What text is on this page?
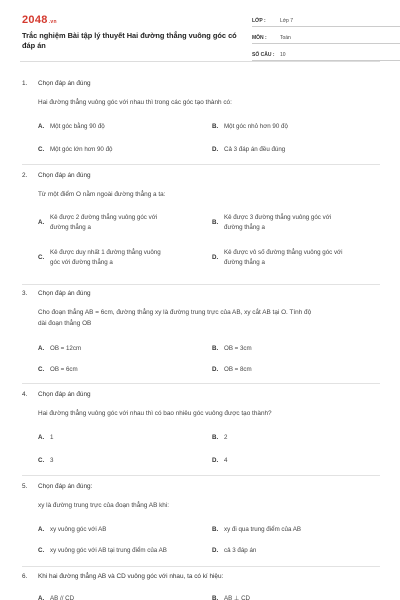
2048.vn
Trắc nghiệm Bài tập lý thuyết Hai đường thẳng vuông góc có đáp án
LỚP :	Lớp 7
MÔN :	Toán
SỐ CÂU :	10
1.	Chọn đáp án đúng
Hai đường thẳng vuông góc với nhau thì trong các góc tạo thành có:
A. Một góc bằng 90 độ	B. Một góc nhỏ hơn 90 độ
C. Một góc lớn hơn 90 độ	D. Cả 3 đáp án đều đúng
2.	Chọn đáp án đúng
Từ một điểm O nằm ngoài đường thẳng a ta:
A.
Kẻ được 2 đường thẳng vuông góc với
đường thẳng a
B.
Kẻ được 3 đường thẳng vuông góc với
đường thẳng a
C.
Kẻ được duy nhất 1 đường thẳng vuông
góc với đường thẳng a
D.
Kẻ được vô số đường thẳng vuông góc với
đường thẳng a
3.	Chọn đáp án đúng
Cho đoạn thẳng AB = 6cm, đường thẳng xy là đường trung trực của AB, xy cắt AB tại O. Tính độ
dài đoạn thẳng OB
A. OB = 12cm	B. OB = 3cm
C. OB = 6cm	D. OB = 8cm
4.	Chọn đáp án đúng
Hai đường thẳng vuông góc với nhau thì có bao nhiêu góc vuông được tạo thành?
A. 1	B. 2
C. 3	D. 4
5.	Chọn đáp án đúng:
xy là đường trung trực của đoạn thẳng AB khi:
A. xy vuông góc với AB	B. xy đi qua trung điểm của AB
C. xy vuông góc với AB tại trung điểm của AB	D. cả 3 đáp án
6.	Khi hai đường thẳng AB và CD vuông góc với nhau, ta có kí hiệu:
A. AB // CD	B. AB ⊥ CD
